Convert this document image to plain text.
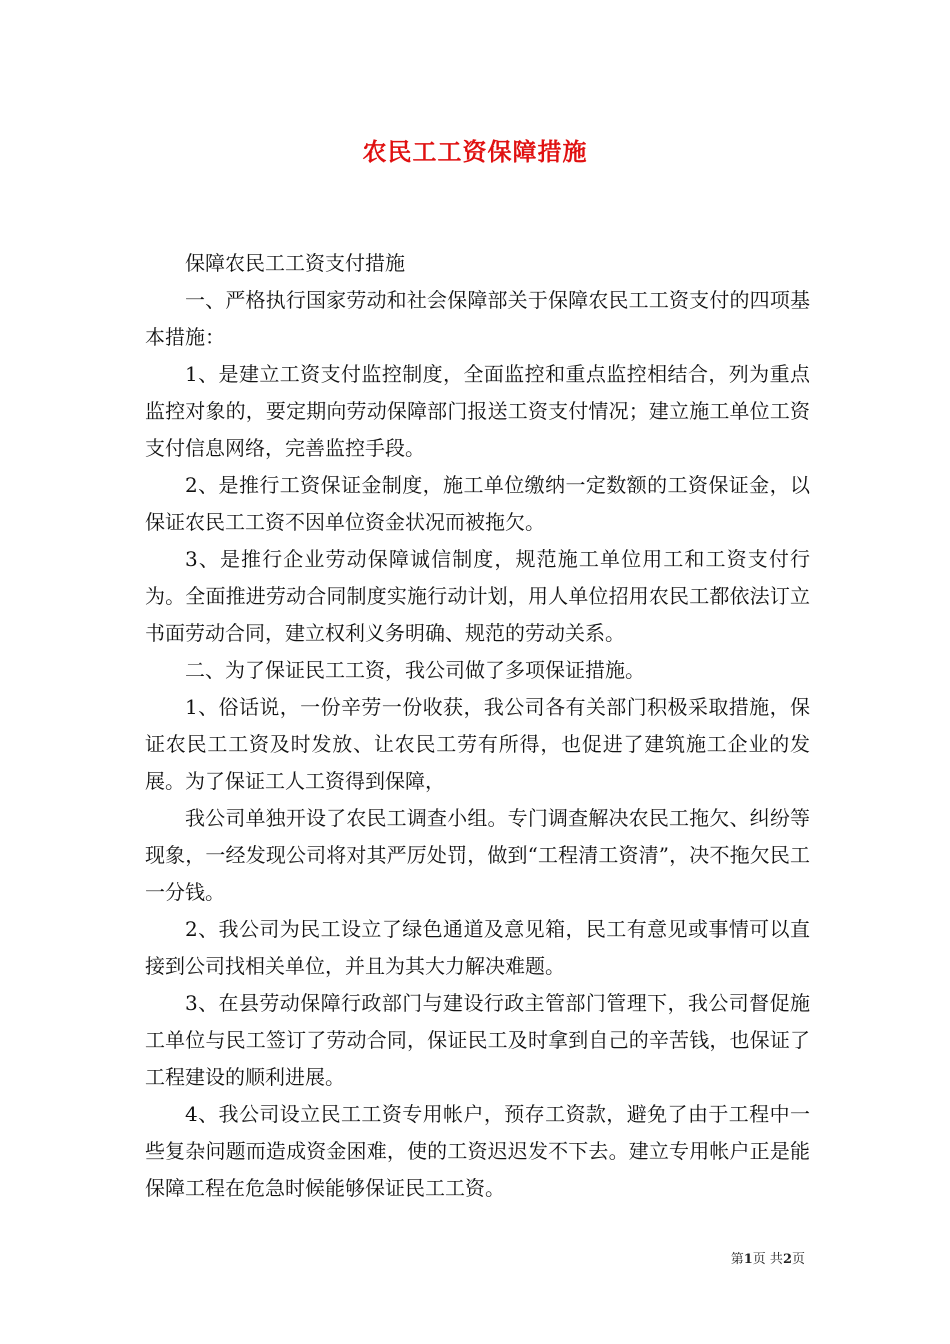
农民工工资保障措施

保障农民工工资支付措施

一、严格执行国家劳动和社会保障部关于保障农民工工资支付的四项基本措施：

1、是建立工资支付监控制度，全面监控和重点监控相结合，列为重点监控对象的，要定期向劳动保障部门报送工资支付情况；建立施工单位工资支付信息网络，完善监控手段。

2、是推行工资保证金制度，施工单位缴纳一定数额的工资保证金，以保证农民工工资不因单位资金状况而被拖欠。

3、是推行企业劳动保障诚信制度，规范施工单位用工和工资支付行为。全面推进劳动合同制度实施行动计划，用人单位招用农民工都依法订立书面劳动合同，建立权利义务明确、规范的劳动关系。

二、为了保证民工工资，我公司做了多项保证措施。

1、俗话说，一份辛劳一份收获，我公司各有关部门积极采取措施，保证农民工工资及时发放、让农民工劳有所得，也促进了建筑施工企业的发展。为了保证工人工资得到保障，

我公司单独开设了农民工调查小组。专门调查解决农民工拖欠、纠纷等现象，一经发现公司将对其严厉处罚，做到“工程清工资清”，决不拖欠民工一分钱。

2、我公司为民工设立了绿色通道及意见箱，民工有意见或事情可以直接到公司找相关单位，并且为其大力解决难题。

3、在县劳动保障行政部门与建设行政主管部门管理下，我公司督促施工单位与民工签订了劳动合同，保证民工及时拿到自己的辛苦钱，也保证了工程建设的顺利进展。

4、我公司设立民工工资专用帐户，预存工资款，避免了由于工程中一些复杂问题而造成资金困难，使的工资迟迟发不下去。建立专用帐户正是能保障工程在危急时候能够保证民工工资。

第1页 共2页
